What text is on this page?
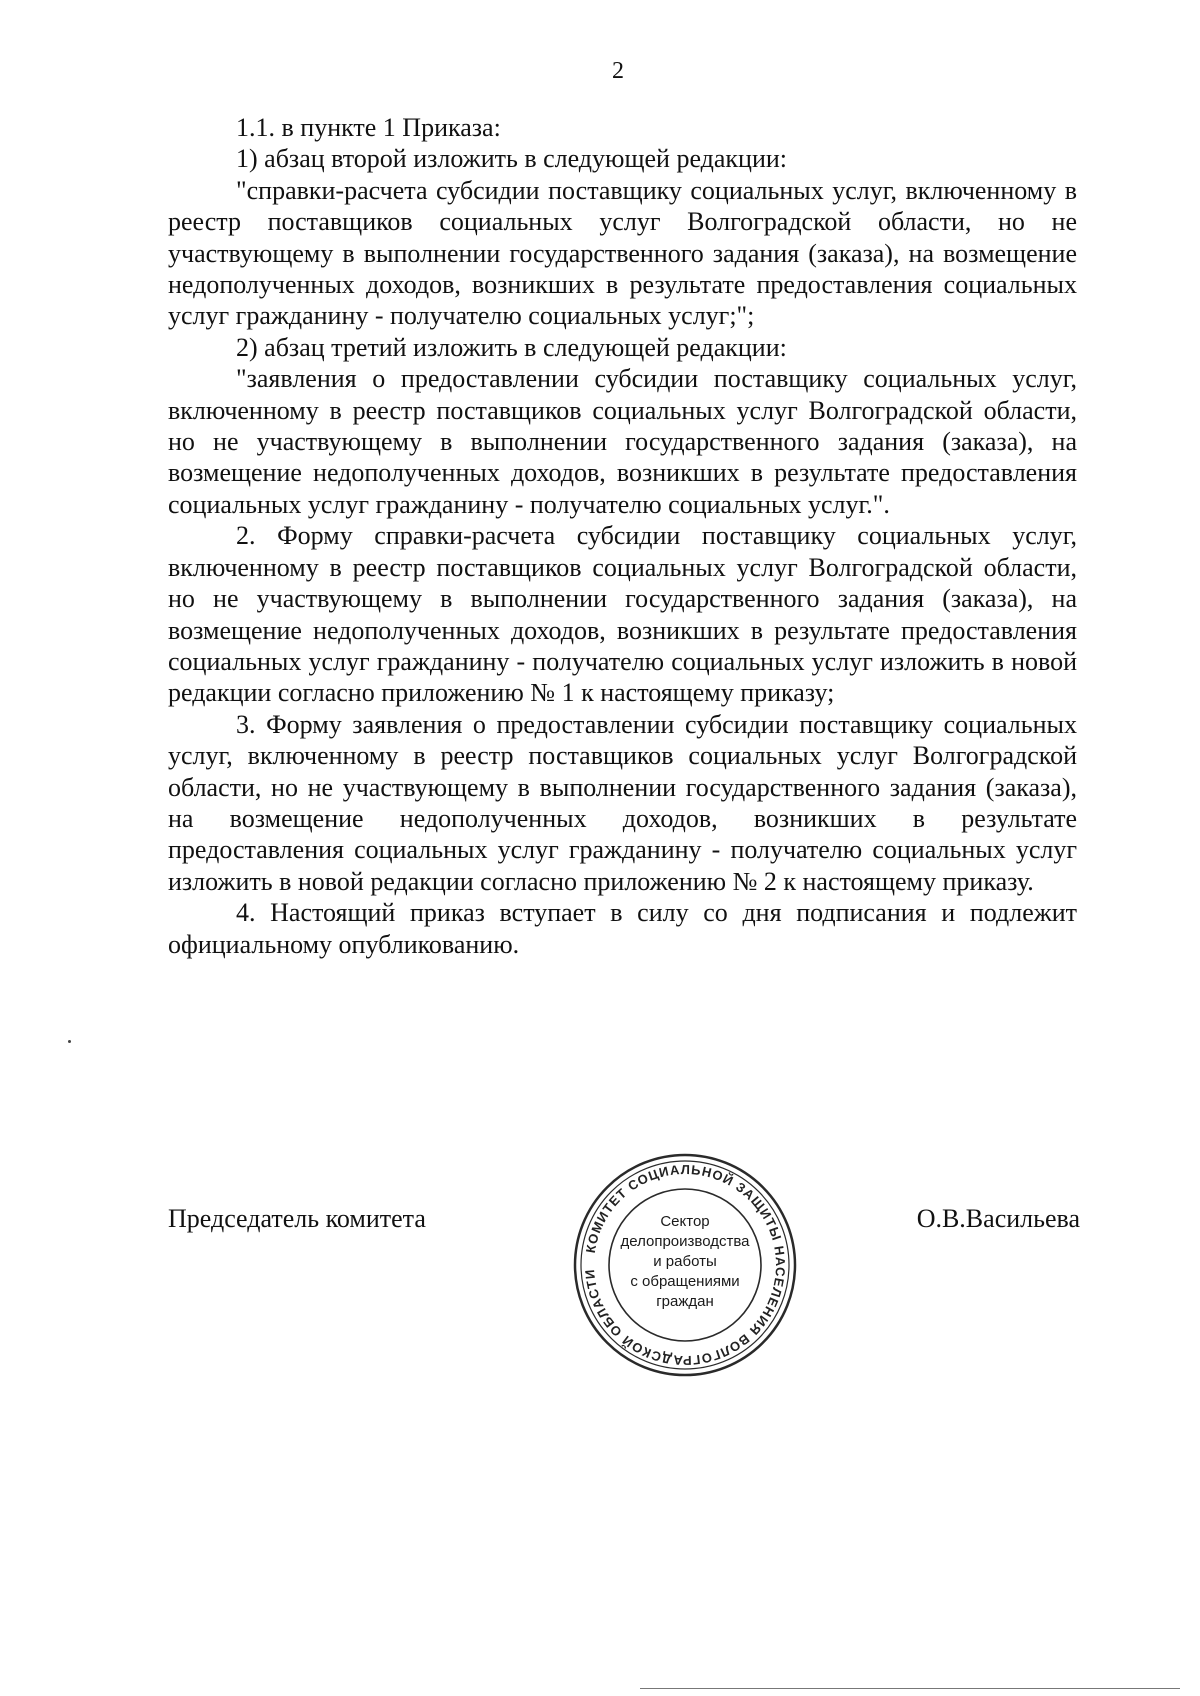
2

1.1. в пункте 1 Приказа:

1) абзац второй изложить в следующей редакции:

"справки-расчета субсидии поставщику социальных услуг, включенному в реестр поставщиков социальных услуг Волгоградской области, но не участвующему в выполнении государственного задания (заказа), на возмещение недополученных доходов, возникших в результате предоставления социальных услуг гражданину - получателю социальных услуг;";

2) абзац третий изложить в следующей редакции:

"заявления о предоставлении субсидии поставщику социальных услуг, включенному в реестр поставщиков социальных услуг Волгоградской области, но не участвующему в выполнении государственного задания (заказа), на возмещение недополученных доходов, возникших в результате предоставления социальных услуг гражданину - получателю социальных услуг.".

2. Форму справки-расчета субсидии поставщику социальных услуг, включенному в реестр поставщиков социальных услуг Волгоградской области, но не участвующему в выполнении государственного задания (заказа), на возмещение недополученных доходов, возникших в результате предоставления социальных услуг гражданину - получателю социальных услуг изложить в новой редакции согласно приложению № 1 к настоящему приказу;

3. Форму заявления о предоставлении субсидии поставщику социальных услуг, включенному в реестр поставщиков социальных услуг Волгоградской области, но не участвующему в выполнении государственного задания (заказа), на возмещение недополученных доходов, возникших в результате предоставления социальных услуг гражданину - получателю социальных услуг изложить в новой редакции согласно приложению № 2 к настоящему приказу.

4. Настоящий приказ вступает в силу со дня подписания и подлежит официальному опубликованию.

Председатель комитета	О.В.Васильева
КОМИТЕТ СОЦИАЛЬНОЙ ЗАЩИТЫ НАСЕЛЕНИЯ ВОЛГОГРАДСКОЙ ОБЛАСТИ
Сектор
делопроизводства
и работы
с обращениями
граждан
